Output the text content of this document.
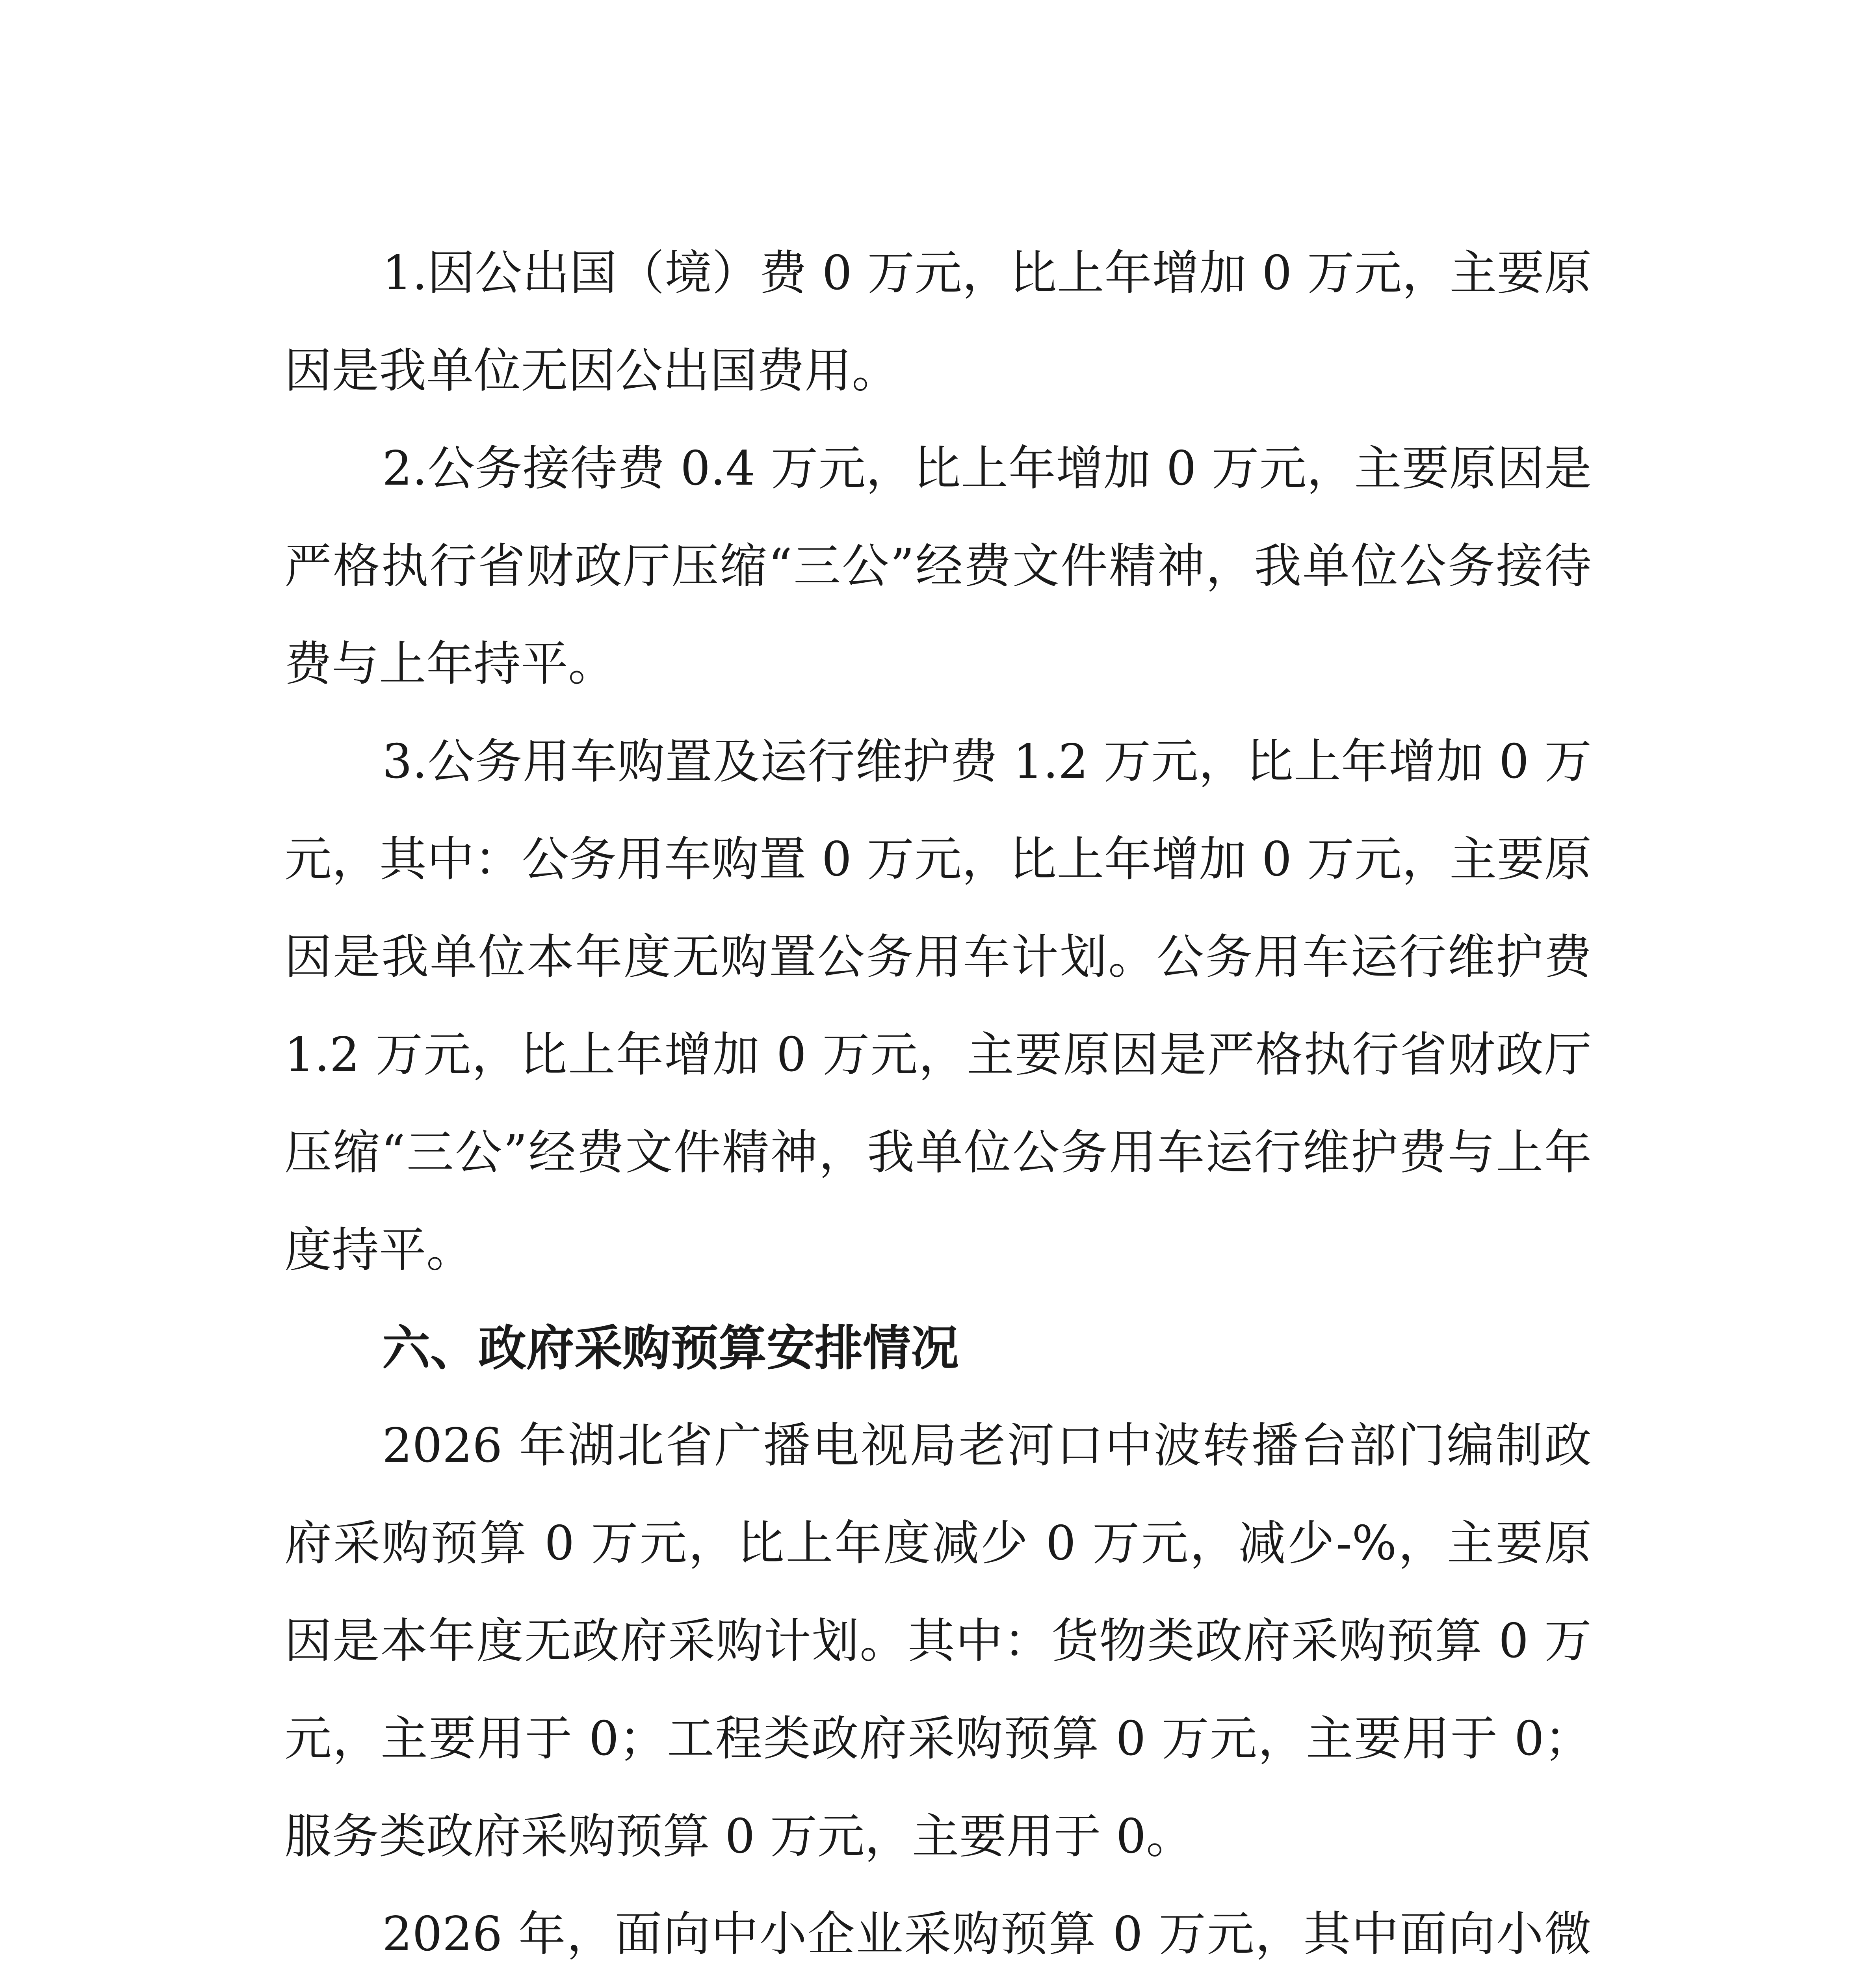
1.因公出国（境）费 0 万元，比上年增加 0 万元，主要原因是我单位无因公出国费用。

2.公务接待费 0.4 万元，比上年增加 0 万元，主要原因是严格执行省财政厅压缩“三公”经费文件精神，我单位公务接待费与上年持平。

3.公务用车购置及运行维护费 1.2 万元，比上年增加 0 万元，其中：公务用车购置 0 万元，比上年增加 0 万元，主要原因是我单位本年度无购置公务用车计划。公务用车运行维护费 1.2 万元，比上年增加 0 万元，主要原因是严格执行省财政厅压缩“三公”经费文件精神，我单位公务用车运行维护费与上年度持平。

六、政府采购预算安排情况

2026 年湖北省广播电视局老河口中波转播台部门编制政府采购预算 0 万元，比上年度减少 0 万元，减少-%，主要原因是本年度无政府采购计划。其中：货物类政府采购预算 0 万元，主要用于 0；工程类政府采购预算 0 万元，主要用于 0；服务类政府采购预算 0 万元，主要用于 0。

2026 年，面向中小企业采购预算 0 万元，其中面向小微
